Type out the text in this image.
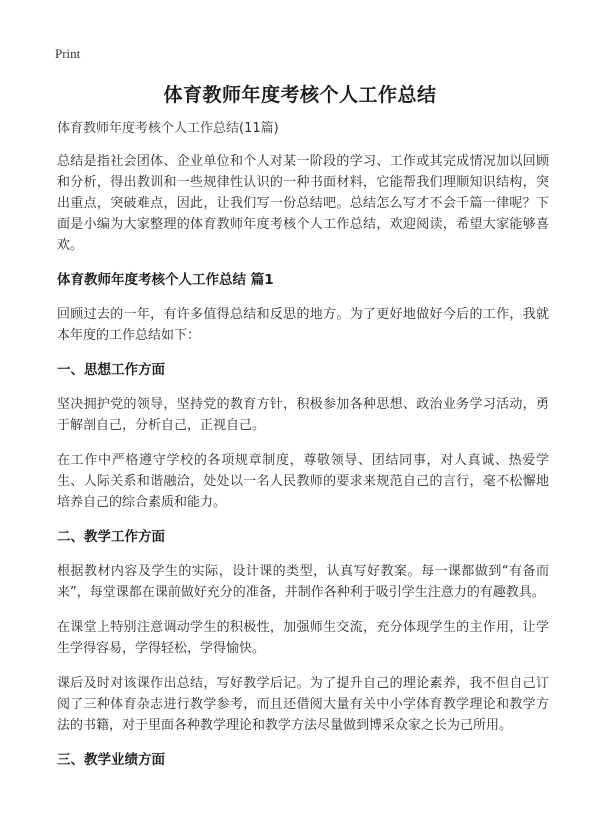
Print
体育教师年度考核个人工作总结

体育教师年度考核个人工作总结(11篇)

总结是指社会团体、企业单位和个人对某一阶段的学习、工作或其完成情况加以回顾和分析，得出教训和一些规律性认识的一种书面材料，它能帮我们理顺知识结构，突出重点，突破难点，因此，让我们写一份总结吧。总结怎么写才不会千篇一律呢？下面是小编为大家整理的体育教师年度考核个人工作总结，欢迎阅读，希望大家能够喜欢。

体育教师年度考核个人工作总结 篇1

回顾过去的一年，有许多值得总结和反思的地方。为了更好地做好今后的工作，我就本年度的工作总结如下：

一、思想工作方面

坚决拥护党的领导，坚持党的教育方针，积极参加各种思想、政治业务学习活动，勇于解剖自己，分析自己，正视自己。

在工作中严格遵守学校的各项规章制度，尊敬领导、团结同事，对人真诚、热爱学生、人际关系和谐融洽，处处以一名人民教师的要求来规范自己的言行，毫不松懈地培养自己的综合素质和能力。

二、教学工作方面

根据教材内容及学生的实际，设计课的类型，认真写好教案。每一课都做到“有备而来”，每堂课都在课前做好充分的准备，并制作各种利于吸引学生注意力的有趣教具。

在课堂上特别注意调动学生的积极性，加强师生交流，充分体现学生的主作用，让学生学得容易，学得轻松，学得愉快。

课后及时对该课作出总结，写好教学后记。为了提升自己的理论素养，我不但自己订阅了三种体育杂志进行教学参考，而且还借阅大量有关中小学体育教学理论和教学方法的书籍，对于里面各种教学理论和教学方法尽量做到博采众家之长为己所用。

三、教学业绩方面
